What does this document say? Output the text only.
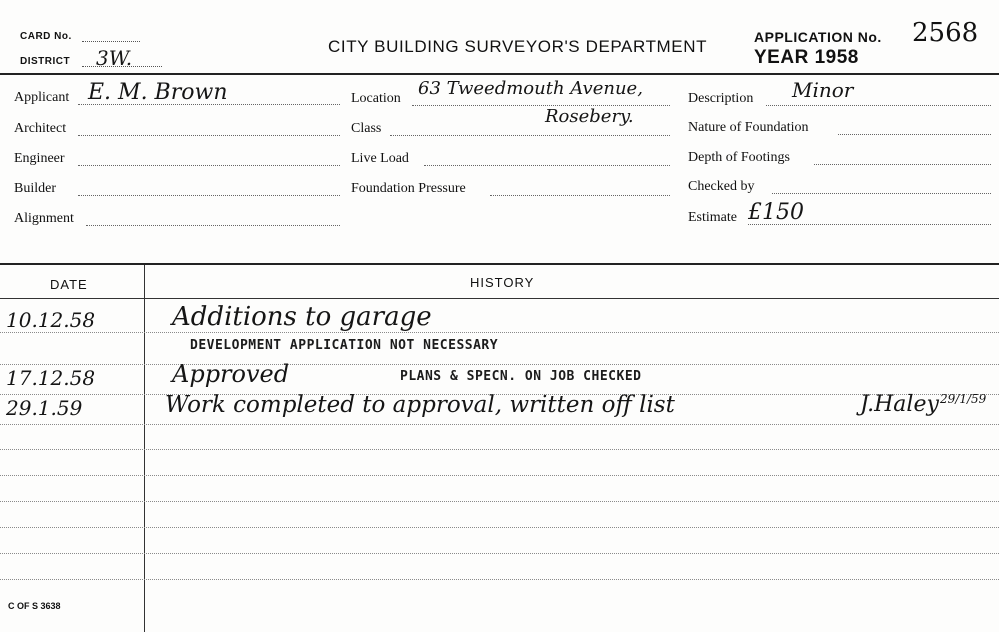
CARD No.
DISTRICT 3W.	CITY BUILDING SURVEYOR'S DEPARTMENT	APPLICATION No.
YEAR 1958
2568
Applicant E. M. Brown
Architect
Engineer
Builder
Alignment
Location 63 Tweedmouth Avenue,
Rosebery.
Class
Live Load
Foundation Pressure
Description Minor
Nature of Foundation
Depth of Footings
Checked by
Estimate £150
DATE	HISTORY
10.12.58	Additions to garage
DEVELOPMENT APPLICATION NOT NECESSARY
17.12.58	Approved	PLANS & SPECN. ON JOB CHECKED
29.1.59	Work completed to approval, written off list	J.Haley 29/1/59
C OF S 3638
